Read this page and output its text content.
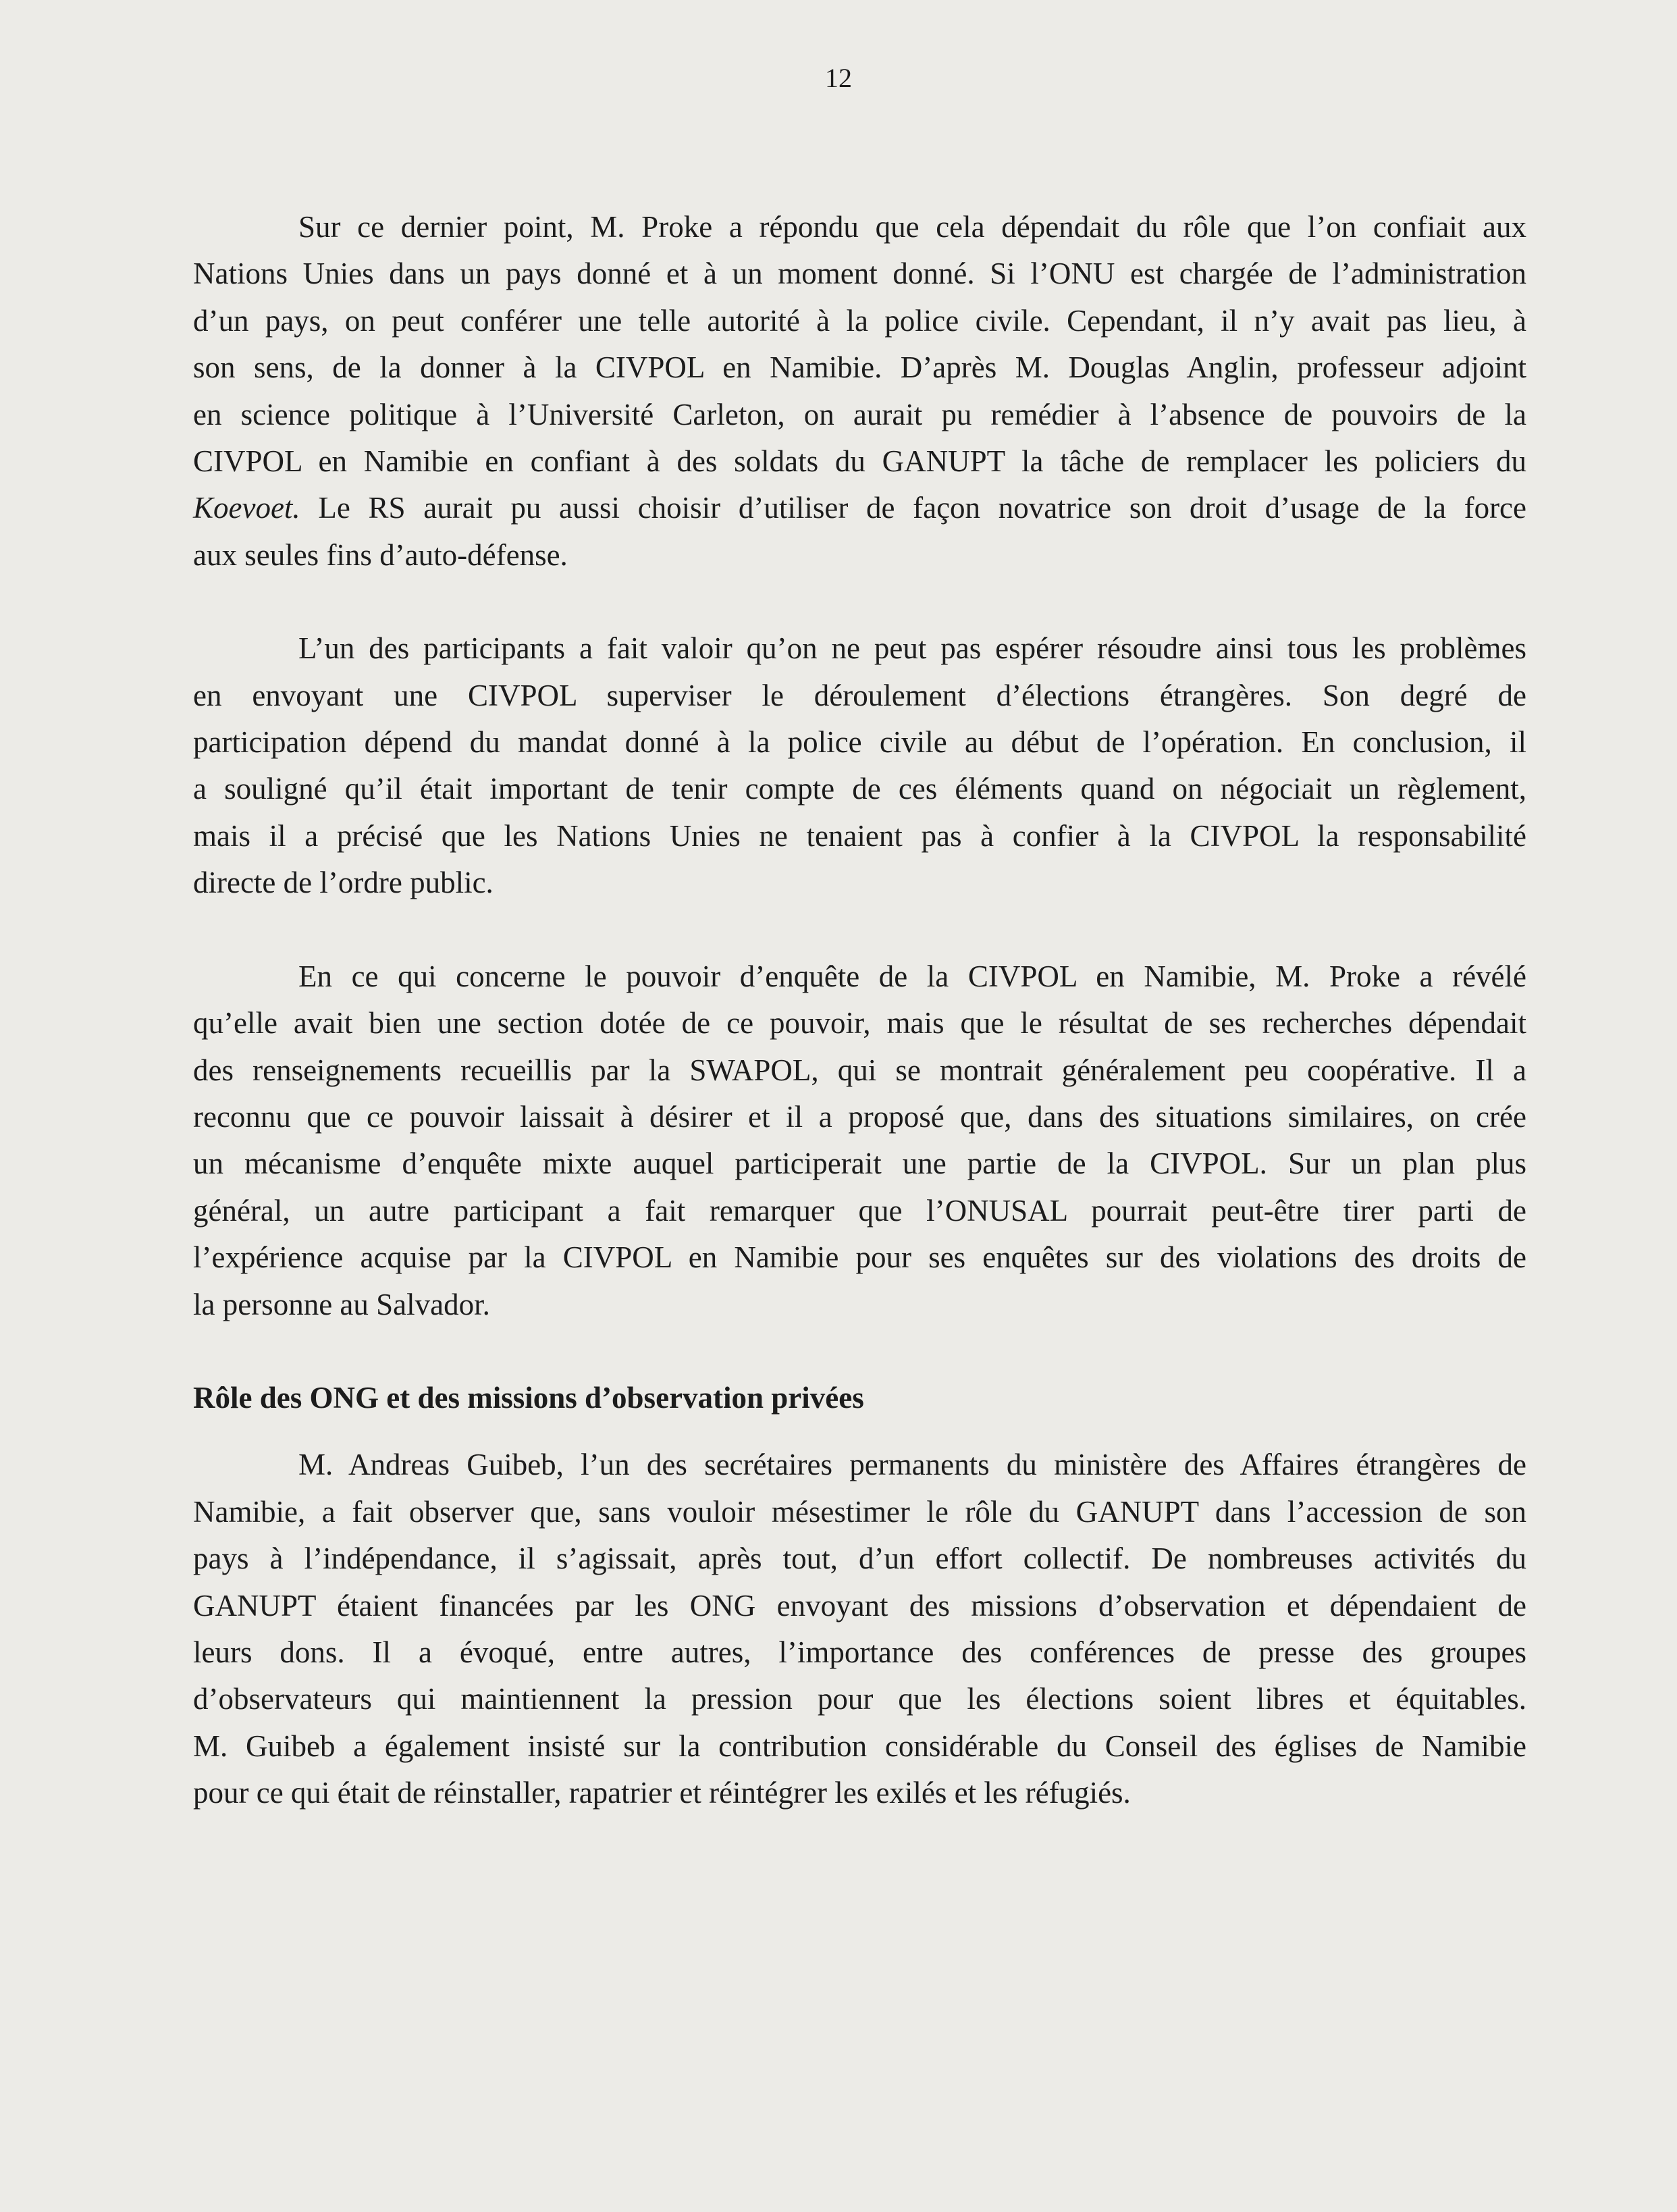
12

Sur ce dernier point, M. Proke a répondu que cela dépendait du rôle que l’on confiait aux
Nations Unies dans un pays donné et à un moment donné. Si l’ONU est chargée de l’administration
d’un pays, on peut conférer une telle autorité à la police civile. Cependant, il n’y avait pas lieu, à
son sens, de la donner à la CIVPOL en Namibie. D’après M. Douglas Anglin, professeur adjoint
en science politique à l’Université Carleton, on aurait pu remédier à l’absence de pouvoirs de la
CIVPOL en Namibie en confiant à des soldats du GANUPT la tâche de remplacer les policiers du
Koevoet. Le RS aurait pu aussi choisir d’utiliser de façon novatrice son droit d’usage de la force
aux seules fins d’auto-défense.

L’un des participants a fait valoir qu’on ne peut pas espérer résoudre ainsi tous les problèmes
en envoyant une CIVPOL superviser le déroulement d’élections étrangères. Son degré de
participation dépend du mandat donné à la police civile au début de l’opération. En conclusion, il
a souligné qu’il était important de tenir compte de ces éléments quand on négociait un règlement,
mais il a précisé que les Nations Unies ne tenaient pas à confier à la CIVPOL la responsabilité
directe de l’ordre public.

En ce qui concerne le pouvoir d’enquête de la CIVPOL en Namibie, M. Proke a révélé
qu’elle avait bien une section dotée de ce pouvoir, mais que le résultat de ses recherches dépendait
des renseignements recueillis par la SWAPOL, qui se montrait généralement peu coopérative. Il a
reconnu que ce pouvoir laissait à désirer et il a proposé que, dans des situations similaires, on crée
un mécanisme d’enquête mixte auquel participerait une partie de la CIVPOL. Sur un plan plus
général, un autre participant a fait remarquer que l’ONUSAL pourrait peut-être tirer parti de
l’expérience acquise par la CIVPOL en Namibie pour ses enquêtes sur des violations des droits de
la personne au Salvador.

Rôle des ONG et des missions d’observation privées

M. Andreas Guibeb, l’un des secrétaires permanents du ministère des Affaires étrangères de
Namibie, a fait observer que, sans vouloir mésestimer le rôle du GANUPT dans l’accession de son
pays à l’indépendance, il s’agissait, après tout, d’un effort collectif. De nombreuses activités du
GANUPT étaient financées par les ONG envoyant des missions d’observation et dépendaient de
leurs dons. Il a évoqué, entre autres, l’importance des conférences de presse des groupes
d’observateurs qui maintiennent la pression pour que les élections soient libres et équitables.
M. Guibeb a également insisté sur la contribution considérable du Conseil des églises de Namibie
pour ce qui était de réinstaller, rapatrier et réintégrer les exilés et les réfugiés.
